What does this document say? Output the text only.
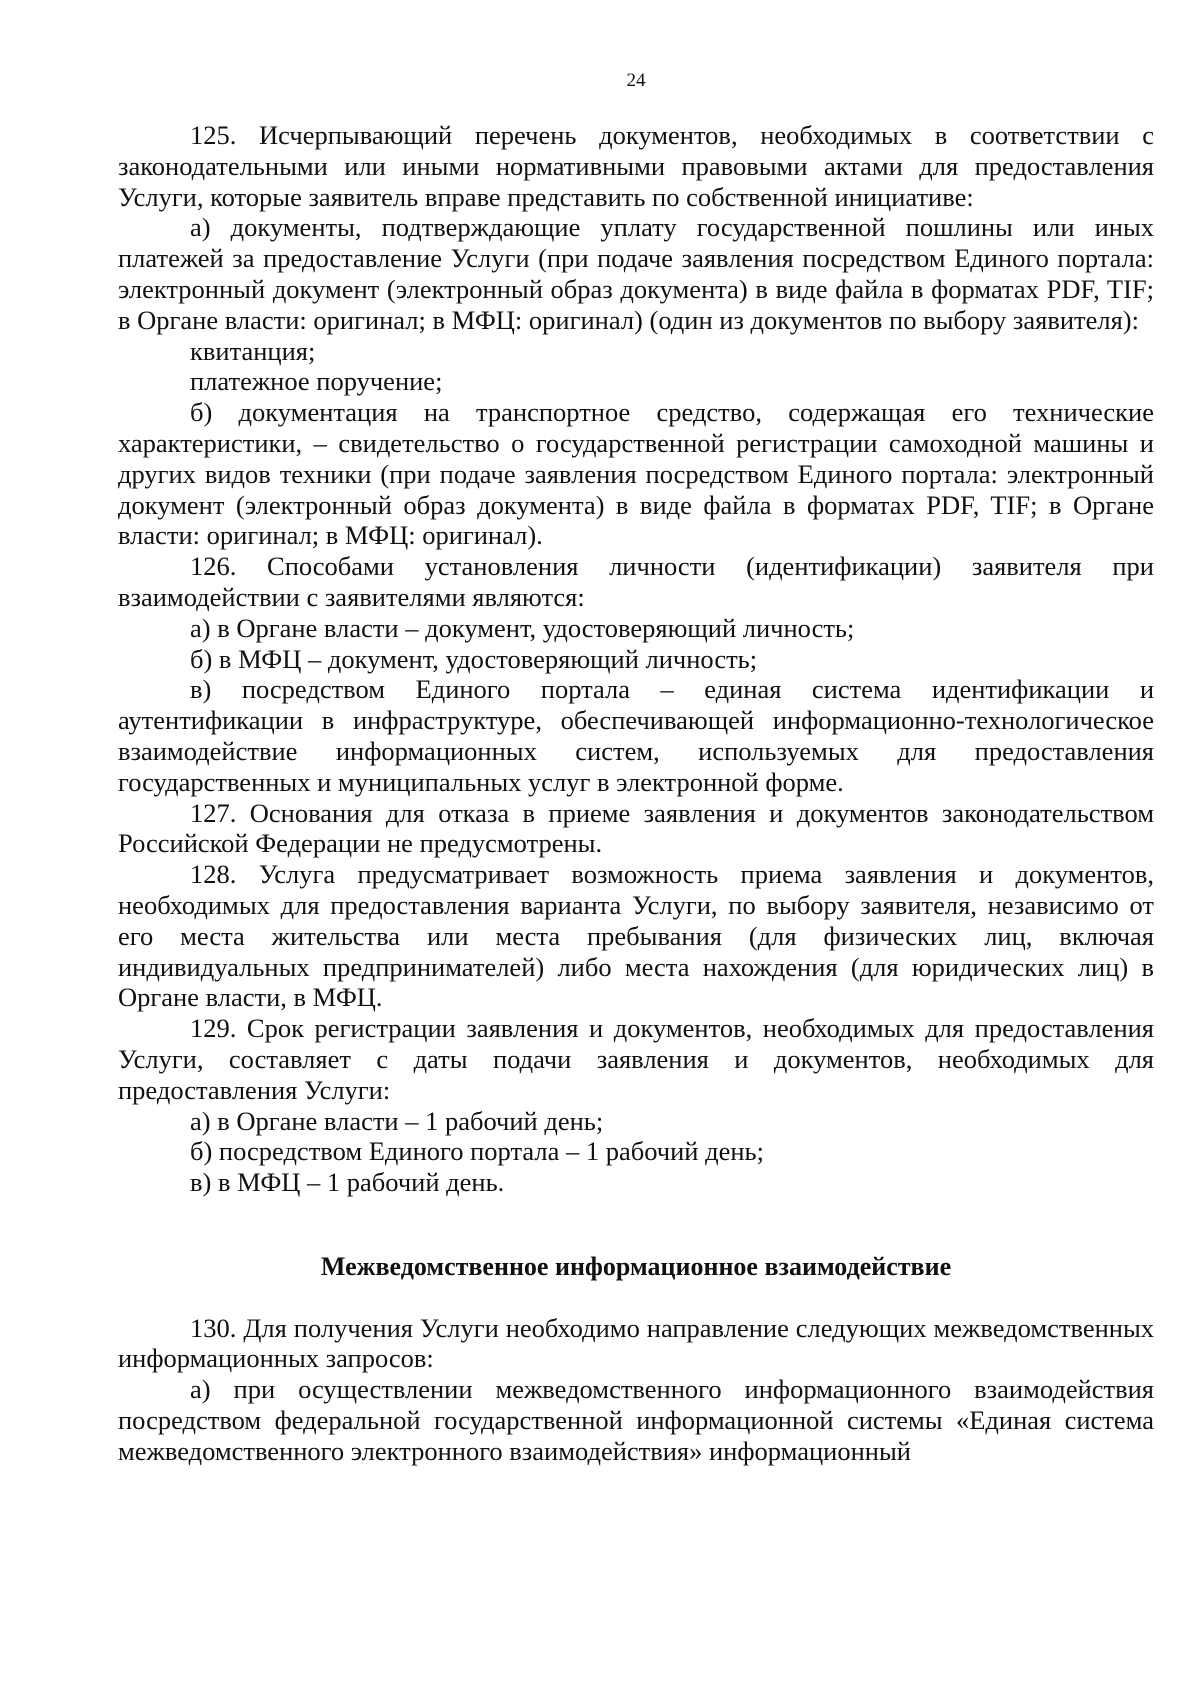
24

125. Исчерпывающий перечень документов, необходимых в соответствии с законодательными или иными нормативными правовыми актами для предоставления Услуги, которые заявитель вправе представить по собственной инициативе:

а) документы, подтверждающие уплату государственной пошлины или иных платежей за предоставление Услуги (при подаче заявления посредством Единого портала: электронный документ (электронный образ документа) в виде файла в форматах PDF, TIF; в Органе власти: оригинал; в МФЦ: оригинал) (один из документов по выбору заявителя):

квитанция;

платежное поручение;

б) документация на транспортное средство, содержащая его технические характеристики, – свидетельство о государственной регистрации самоходной машины и других видов техники (при подаче заявления посредством Единого портала: электронный документ (электронный образ документа) в виде файла в форматах PDF, TIF; в Органе власти: оригинал; в МФЦ: оригинал).

126. Способами установления личности (идентификации) заявителя при взаимодействии с заявителями являются:

а) в Органе власти – документ, удостоверяющий личность;

б) в МФЦ – документ, удостоверяющий личность;

в) посредством Единого портала – единая система идентификации и аутентификации в инфраструктуре, обеспечивающей информационно-технологическое взаимодействие информационных систем, используемых для предоставления государственных и муниципальных услуг в электронной форме.

127. Основания для отказа в приеме заявления и документов законодательством Российской Федерации не предусмотрены.

128. Услуга предусматривает возможность приема заявления и документов, необходимых для предоставления варианта Услуги, по выбору заявителя, независимо от его места жительства или места пребывания (для физических лиц, включая индивидуальных предпринимателей) либо места нахождения (для юридических лиц) в Органе власти, в МФЦ.

129. Срок регистрации заявления и документов, необходимых для предоставления Услуги, составляет с даты подачи заявления и документов, необходимых для предоставления Услуги:

а) в Органе власти – 1 рабочий день;

б) посредством Единого портала – 1 рабочий день;

в) в МФЦ – 1 рабочий день.

Межведомственное информационное взаимодействие

130. Для получения Услуги необходимо направление следующих межведомственных информационных запросов:

а) при осуществлении межведомственного информационного взаимодействия посредством федеральной государственной информационной системы «Единая система межведомственного электронного взаимодействия» информационный
